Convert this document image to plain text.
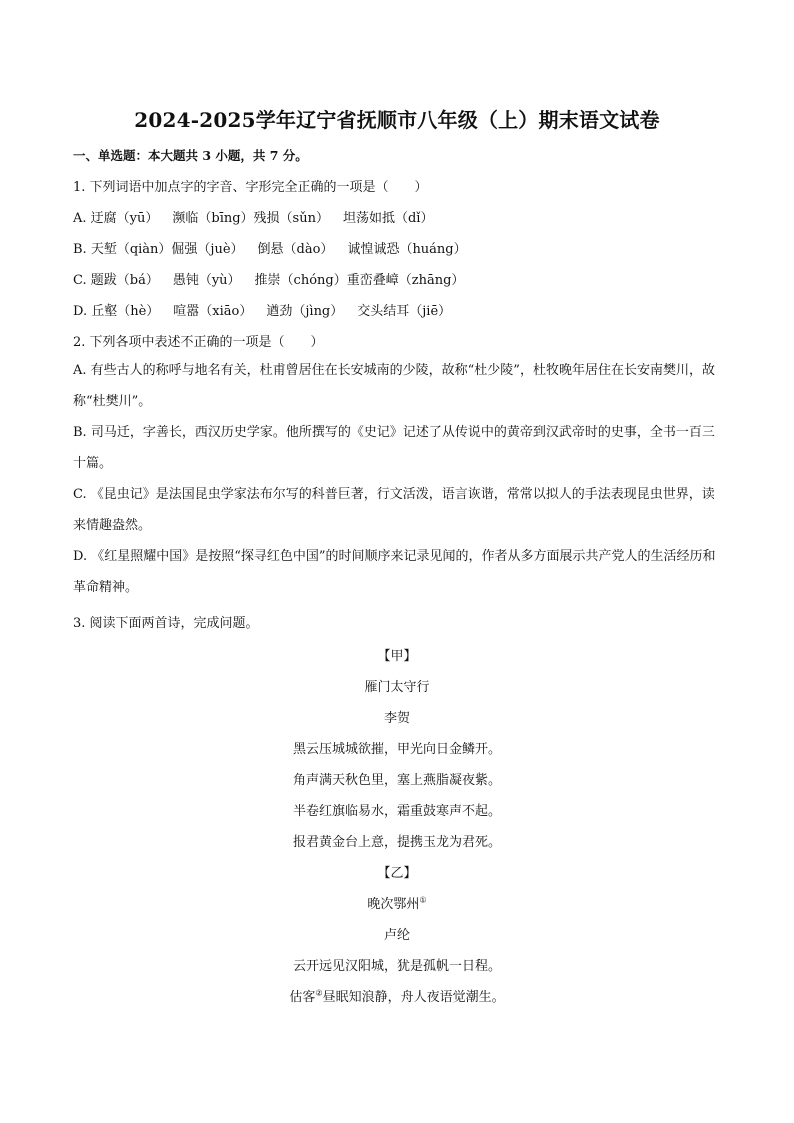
2024-2025学年辽宁省抚顺市八年级（上）期末语文试卷
一、单选题：本大题共 3 小题，共 7 分。
1. 下列词语中加点字的字音、字形完全正确的一项是（　　）
A. 迂腐（yū） 濒临（bīng）残损（sǔn） 坦荡如抵（dǐ）
B. 天堑（qiàn）倔强（juè） 倒悬（dào） 诚惶诚恐（huáng）
C. 题跋（bá） 愚钝（yù） 推崇（chóng）重峦叠嶂（zhāng）
D. 丘壑（hè） 喧嚣（xiāo） 遒劲（jìng） 交头结耳（jiē）
2. 下列各项中表述不正确的一项是（　　）
A. 有些古人的称呼与地名有关，杜甫曾居住在长安城南的少陵，故称“杜少陵”，杜牧晚年居住在长安南樊川，故称“杜樊川”。
B. 司马迁，字善长，西汉历史学家。他所撰写的《史记》记述了从传说中的黄帝到汉武帝时的史事，全书一百三十篇。
C. 《昆虫记》是法国昆虫学家法布尔写的科普巨著，行文活泼，语言诙谐，常常以拟人的手法表现昆虫世界，读来情趣盎然。
D. 《红星照耀中国》是按照“探寻红色中国”的时间顺序来记录见闻的，作者从多方面展示共产党人的生活经历和革命精神。
3. 阅读下面两首诗，完成问题。
【甲】
雁门太守行
李贺
黑云压城城欲摧，甲光向日金鳞开。
角声满天秋色里，塞上燕脂凝夜紫。
半卷红旗临易水，霜重鼓寒声不起。
报君黄金台上意，提携玉龙为君死。
【乙】
晚次鄂州①
卢纶
云开远见汉阳城，犹是孤帆一日程。
估客②昼眠知浪静，舟人夜语觉潮生。
